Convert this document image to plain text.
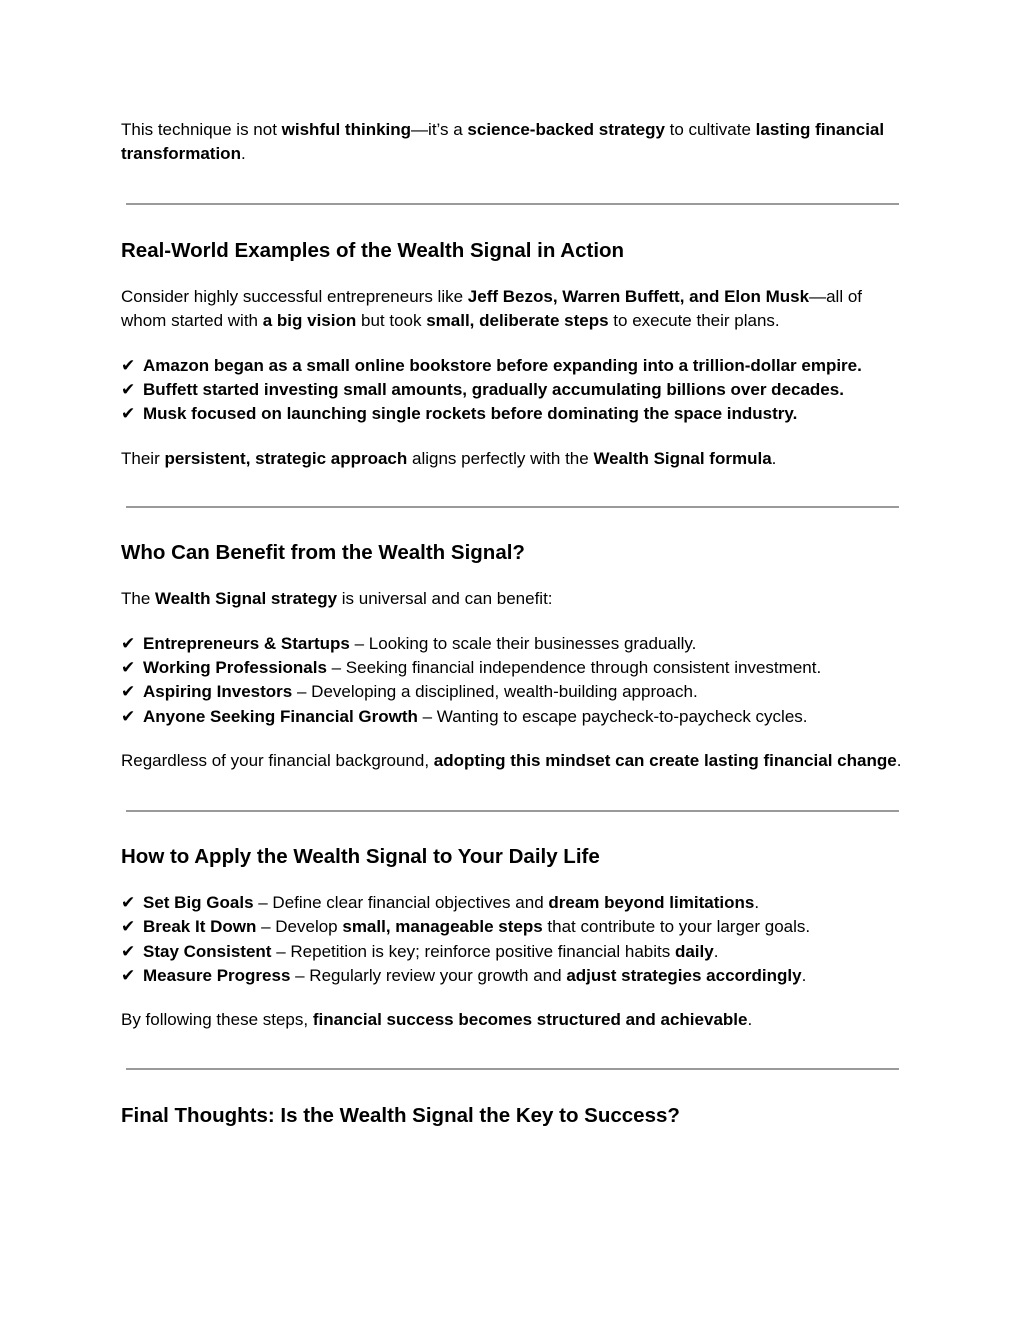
This technique is not wishful thinking—it’s a science-backed strategy to cultivate lasting financial transformation.

Real-World Examples of the Wealth Signal in Action

Consider highly successful entrepreneurs like Jeff Bezos, Warren Buffett, and Elon Musk—all of whom started with a big vision but took small, deliberate steps to execute their plans.

✔ Amazon began as a small online bookstore before expanding into a trillion-dollar empire.
✔ Buffett started investing small amounts, gradually accumulating billions over decades.
✔ Musk focused on launching single rockets before dominating the space industry.

Their persistent, strategic approach aligns perfectly with the Wealth Signal formula.

Who Can Benefit from the Wealth Signal?

The Wealth Signal strategy is universal and can benefit:

✔ Entrepreneurs & Startups – Looking to scale their businesses gradually.
✔ Working Professionals – Seeking financial independence through consistent investment.
✔ Aspiring Investors – Developing a disciplined, wealth-building approach.
✔ Anyone Seeking Financial Growth – Wanting to escape paycheck-to-paycheck cycles.

Regardless of your financial background, adopting this mindset can create lasting financial change.

How to Apply the Wealth Signal to Your Daily Life
✔ Set Big Goals – Define clear financial objectives and dream beyond limitations.
✔ Break It Down – Develop small, manageable steps that contribute to your larger goals.
✔ Stay Consistent – Repetition is key; reinforce positive financial habits daily.
✔ Measure Progress – Regularly review your growth and adjust strategies accordingly.

By following these steps, financial success becomes structured and achievable.

Final Thoughts: Is the Wealth Signal the Key to Success?
